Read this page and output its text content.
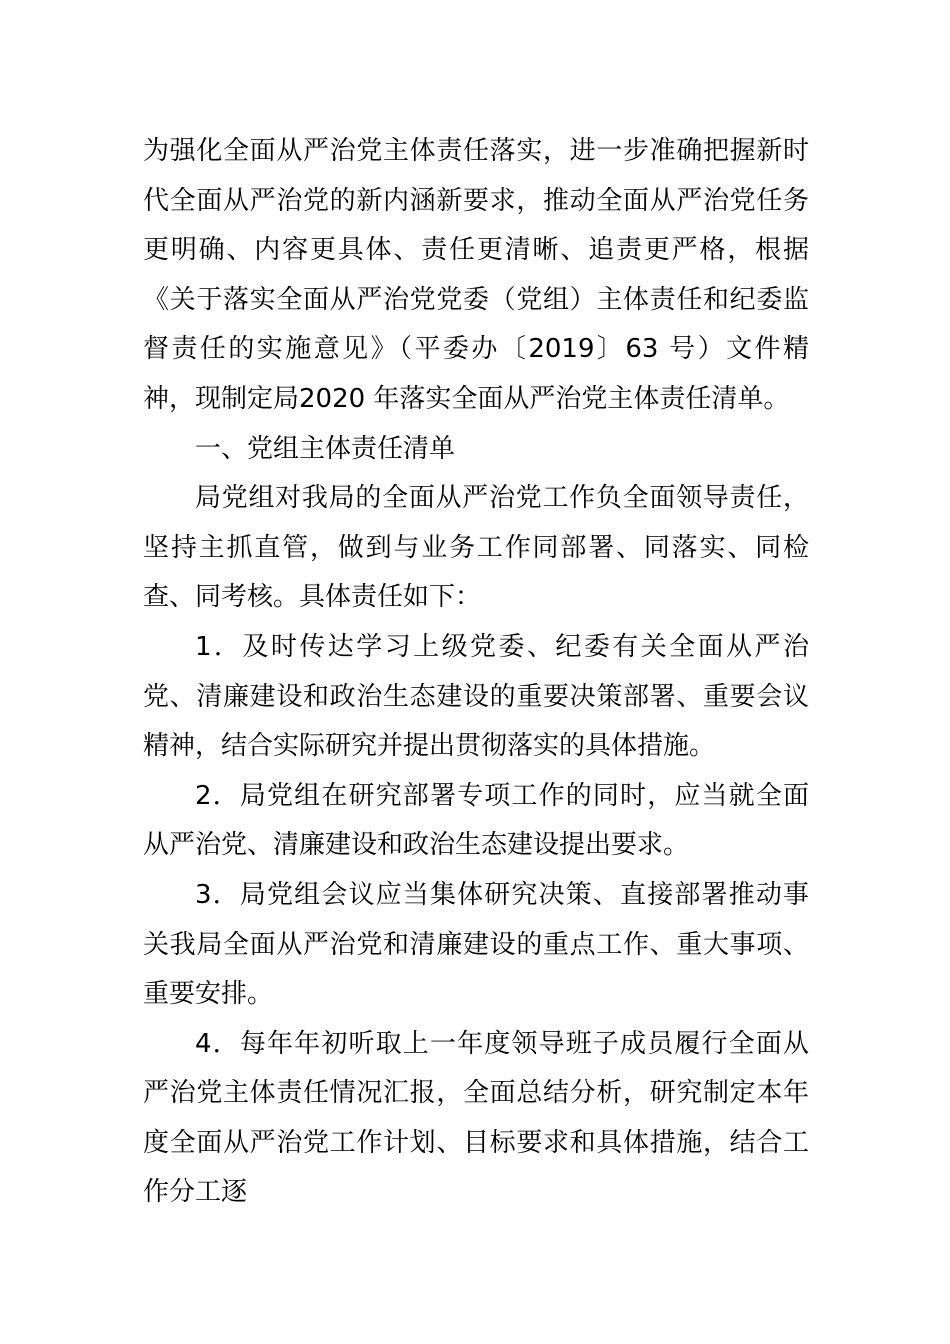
为强化全面从严治党主体责任落实，进一步准确把握新时代全面从严治党的新内涵新要求，推动全面从严治党任务更明确、内容更具体、责任更清晰、追责更严格，根据《关于落实全面从严治党党委（党组）主体责任和纪委监督责任的实施意见》（平委办〔2019〕63 号）文件精神，现制定局2020 年落实全面从严治党主体责任清单。

一、党组主体责任清单

局党组对我局的全面从严治党工作负全面领导责任，坚持主抓直管，做到与业务工作同部署、同落实、同检查、同考核。具体责任如下：

1．及时传达学习上级党委、纪委有关全面从严治党、清廉建设和政治生态建设的重要决策部署、重要会议精神，结合实际研究并提出贯彻落实的具体措施。

2．局党组在研究部署专项工作的同时，应当就全面从严治党、清廉建设和政治生态建设提出要求。

3．局党组会议应当集体研究决策、直接部署推动事关我局全面从严治党和清廉建设的重点工作、重大事项、重要安排。

4．每年年初听取上一年度领导班子成员履行全面从严治党主体责任情况汇报，全面总结分析，研究制定本年度全面从严治党工作计划、目标要求和具体措施，结合工作分工逐
